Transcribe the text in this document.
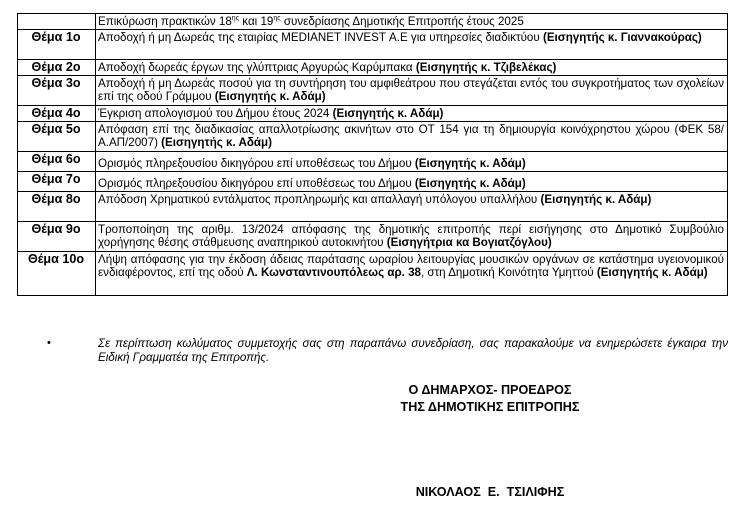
	Επικύρωση πρακτικών $18^{\eta\varsigma}$ και $19^{\eta\varsigma}$ συνεδρίασης Δημοτικής Επιτροπής έτους 2025
Θέμα 1ο	Αποδοχή ή μη Δωρεάς της εταιρίας MEDIANET INVEST Α.Ε για υπηρεσίες διαδικτύου (Εισηγητής κ. Γιαννακούρας)
Θέμα 2ο	Αποδοχή δωρεάς έργων της γλύπτριας Αργυρώς Καρύμπακα (Εισηγητής κ. Τζιβελέκας)
Θέμα 3ο	Αποδοχή ή μη Δωρεάς ποσού για τη συντήρηση του αμφιθεάτρου που στεγάζεται εντός του συγκροτήματος των σχολείων επί της οδού Γράμμου (Εισηγητής κ. Αδάμ)
Θέμα 4ο	Έγκριση απολογισμού του Δήμου έτους 2024 (Εισηγητής κ. Αδάμ)
Θέμα 5ο	Απόφαση επί της διαδικασίας απαλλοτρίωσης ακινήτων στο ΟΤ 154 για τη δημιουργία κοινόχρηστου χώρου (ΦΕΚ 58/Α.ΑΠ/2007) (Εισηγητής κ. Αδάμ)
Θέμα 6ο	Ορισμός πληρεξουσίου δικηγόρου επί υποθέσεως του Δήμου (Εισηγητής κ. Αδάμ)
Θέμα 7ο	Ορισμός πληρεξουσίου δικηγόρου επί υποθέσεως του Δήμου (Εισηγητής κ. Αδάμ)
Θέμα 8ο	Απόδοση Χρηματικού εντάλματος προπληρωμής και απαλλαγή υπόλογου υπαλλήλου (Εισηγητής κ. Αδάμ)
Θέμα 9ο	Τροποποίηση της αριθμ. 13/2024 απόφασης της δημοτικής επιτροπής περί εισήγησης στο Δημοτικό Συμβούλιο χορήγησης θέσης στάθμευσης αναπηρικού αυτοκινήτου (Εισηγήτρια κα Βογιατζόγλου)
Θέμα 10ο	Λήψη απόφασης για την έκδοση άδειας παράτασης ωραρίου λειτουργίας μουσικών οργάνων σε κατάστημα υγειονομικού ενδιαφέροντος, επί της οδού Λ. Κωνσταντινουπόλεως αρ. 38, στη Δημοτική Κοινότητα Υμηττού (Εισηγητής κ. Αδάμ)
•	Σε περίπτωση κωλύματος συμμετοχής σας στη παραπάνω συνεδρίαση, σας παρακαλούμε να ενημερώσετε έγκαιρα την Ειδική Γραμματέα της Επιτροπής.
Ο ΔΗΜΑΡΧΟΣ- ΠΡΟΕΔΡΟΣ
ΤΗΣ ΔΗΜΟΤΙΚΗΣ ΕΠΙΤΡΟΠΗΣ
ΝΙΚΟΛΑΟΣ  Ε.  ΤΣΙΛΙΦΗΣ
